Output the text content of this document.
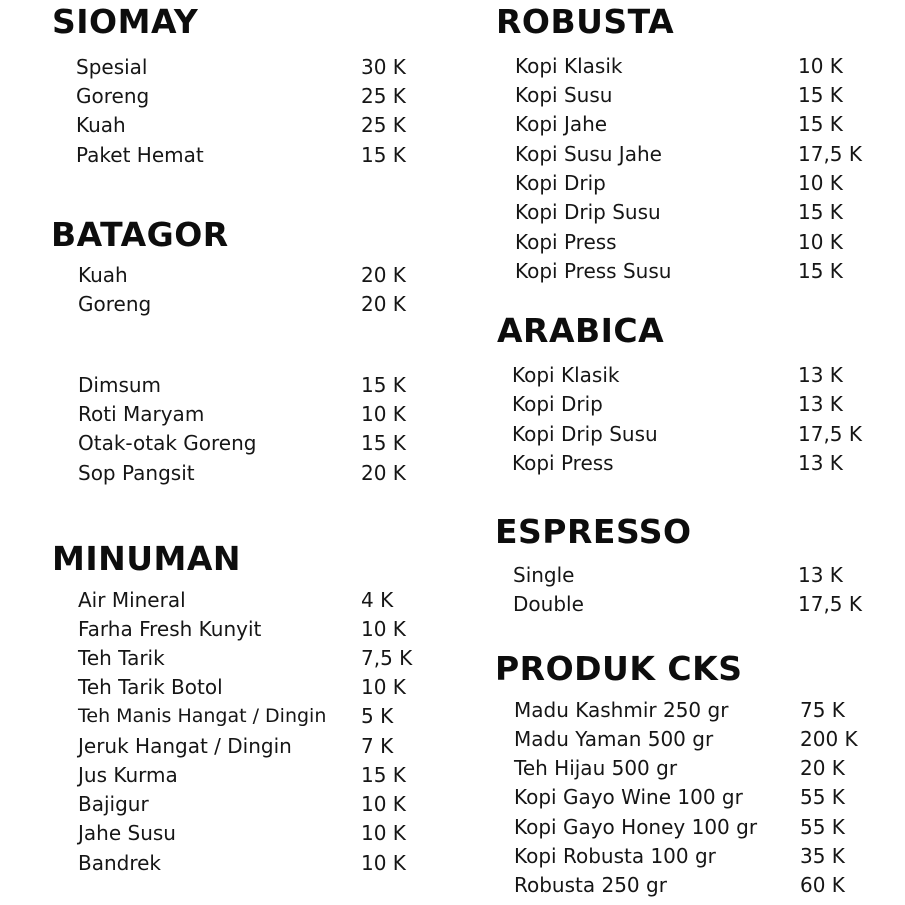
SIOMAY
Spesial	30 K
Goreng	25 K
Kuah	25 K
Paket Hemat	15 K
BATAGOR
Kuah	20 K
Goreng	20 K
Dimsum	15 K
Roti Maryam	10 K
Otak-otak Goreng	15 K
Sop Pangsit	20 K
MINUMAN
Air Mineral	4 K
Farha Fresh Kunyit	10 K
Teh Tarik	7,5 K
Teh Tarik Botol	10 K
Teh Manis Hangat / Dingin 5 K
Jeruk Hangat / Dingin	7 K
Jus Kurma	15 K
Bajigur	10 K
Jahe Susu	10 K
Bandrek	10 K
ROBUSTA
Kopi Klasik	10 K
Kopi Susu	15 K
Kopi Jahe	15 K
Kopi Susu Jahe	17,5 K
Kopi Drip	10 K
Kopi Drip Susu	15 K
Kopi Press	10 K
Kopi Press Susu	15 K
ARABICA
Kopi Klasik	13 K
Kopi Drip	13 K
Kopi Drip Susu	17,5 K
Kopi Press	13 K
ESPRESSO
Single	13 K
Double	17,5 K
PRODUK CKS
Madu Kashmir 250 gr	75 K
Madu Yaman 500 gr	200 K
Teh Hijau 500 gr	20 K
Kopi Gayo Wine 100 gr	55 K
Kopi Gayo Honey 100 gr 55 K
Kopi Robusta 100 gr	35 K
Robusta 250 gr	60 K
